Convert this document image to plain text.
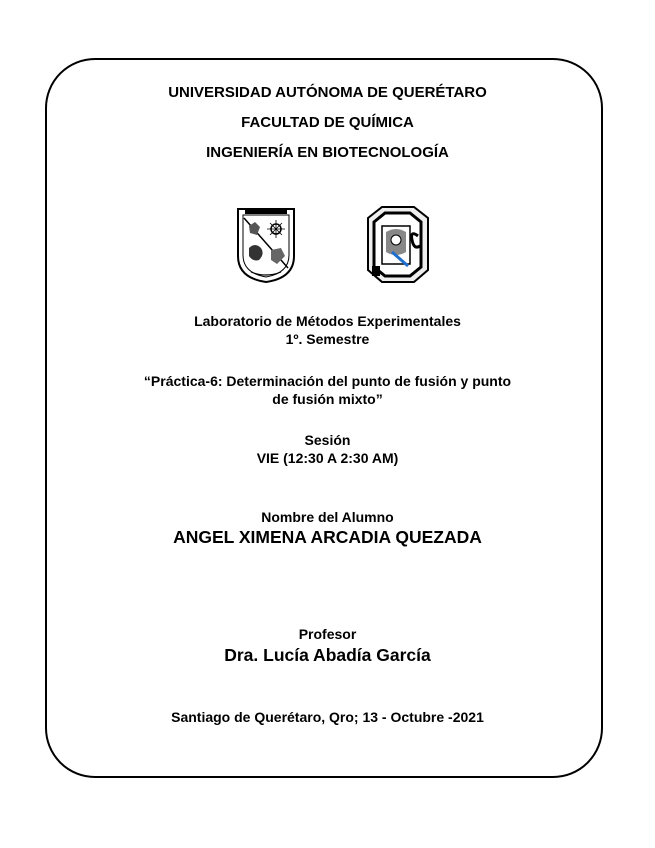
UNIVERSIDAD AUTÓNOMA DE QUERÉTARO
FACULTAD DE QUÍMICA
INGENIERÍA EN BIOTECNOLOGÍA
Laboratorio de Métodos Experimentales
1º. Semestre
“Práctica-6: Determinación del punto de fusión y punto
de fusión mixto”
Sesión
VIE (12:30 A 2:30 AM)
Nombre del Alumno
ANGEL XIMENA ARCADIA QUEZADA
Profesor
Dra. Lucía Abadía García
Santiago de Querétaro, Qro; 13 - Octubre -2021
